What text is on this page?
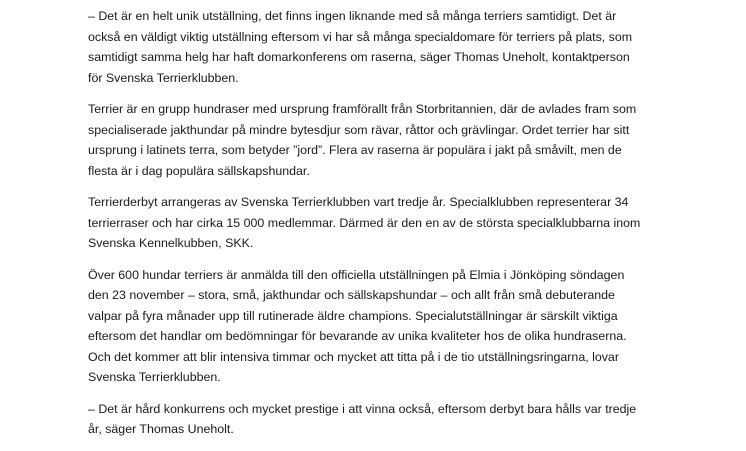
– Det är en helt unik utställning, det finns ingen liknande med så många terriers samtidigt. Det är
också en väldigt viktig utställning eftersom vi har så många specialdomare för terriers på plats, som
samtidigt samma helg har haft domarkonferens om raserna, säger Thomas Uneholt, kontaktperson
för Svenska Terrierklubben.

Terrier är en grupp hundraser med ursprung framförallt från Storbritannien, där de avlades fram som
specialiserade jakthundar på mindre bytesdjur som rävar, råttor och grävlingar. Ordet terrier har sitt
ursprung i latinets terra, som betyder ”jord”. Flera av raserna är populära i jakt på småvilt, men de
flesta är i dag populära sällskapshundar.

Terrierderbyt arrangeras av Svenska Terrierklubben vart tredje år. Specialklubben representerar 34
terrierraser och har cirka 15 000 medlemmar. Därmed är den en av de största specialklubbarna inom
Svenska Kennelkubben, SKK.

Över 600 hundar terriers är anmälda till den officiella utställningen på Elmia i Jönköping söndagen
den 23 november – stora, små, jakthundar och sällskapshundar – och allt från små debuterande
valpar på fyra månader upp till rutinerade äldre champions. Specialutställningar är särskilt viktiga
eftersom det handlar om bedömningar för bevarande av unika kvaliteter hos de olika hundraserna.
Och det kommer att blir intensiva timmar och mycket att titta på i de tio utställningsringarna, lovar
Svenska Terrierklubben.

– Det är hård konkurrens och mycket prestige i att vinna också, eftersom derbyt bara hålls var tredje
år, säger Thomas Uneholt.
